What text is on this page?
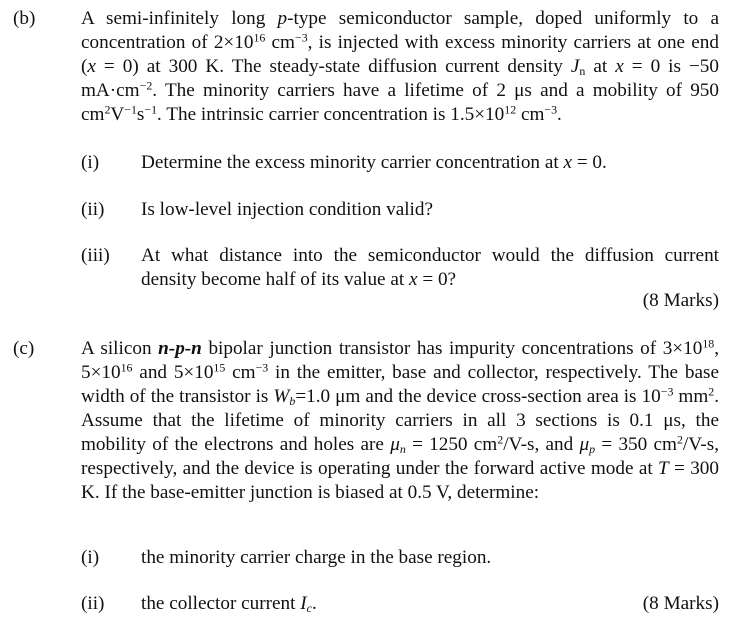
(b) A semi-infinitely long p-type semiconductor sample, doped uniformly to a concentration of $2\times 10^{16}$ $cm^{-3}$, is injected with excess minority carriers at one end (x = 0) at 300 K. The steady-state diffusion current density $J_n$ at x = 0 is −50 $mA\cdot cm^{-2}$. The minority carriers have a lifetime of 2 μs and a mobility of 950 $cm^2V^{-1}s^{-1}$. The intrinsic carrier concentration is $1.5\times 10^{12}$ $cm^{-3}$.

(i) Determine the excess minority carrier concentration at x = 0.
(ii) Is low-level injection condition valid?
(iii) At what distance into the semiconductor would the diffusion current density become half of its value at x = 0?
(8 Marks)
(c) A silicon n-p-n bipolar junction transistor has impurity concentrations of $3\times 10^{18}$, $5\times 10^{16}$ and $5\times 10^{15}$ $cm^{-3}$ in the emitter, base and collector, respectively. The base width of the transistor is $W_b=1.0$ μm and the device cross-section area is $10^{-3}$ $mm^2$. Assume that the lifetime of minority carriers in all 3 sections is 0.1 μs, the mobility of the electrons and holes are $\mu_n = 1250$ $cm^2/V-s$, and $\mu_p = 350$ $cm^2/V-s$, respectively, and the device is operating under the forward active mode at T = 300 K. If the base-emitter junction is biased at 0.5 V, determine:

(i) the minority carrier charge in the base region.
(ii) the collector current $I_c$.	(8 Marks)
